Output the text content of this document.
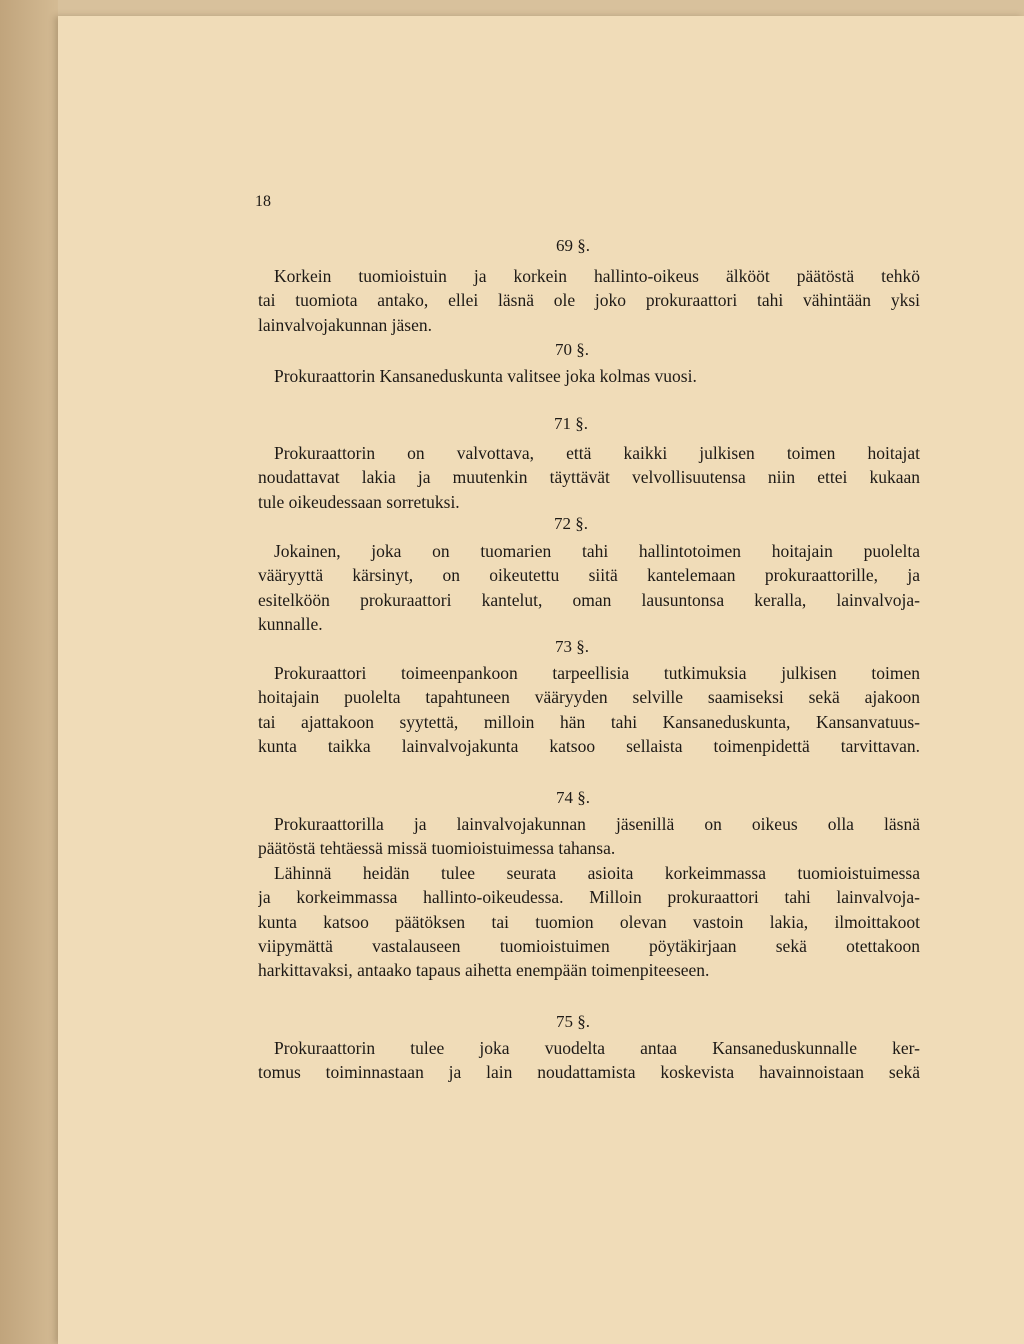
18
Korkein tuomioistuin ja korkein hallinto-oikeus älkööt päätöstä tehkö
tai tuomiota antako, ellei läsnä ole joko prokuraattori tahi vähintään yksi
lainvalvojakunnan jäsen.
Prokuraattorin Kansaneduskunta valitsee joka kolmas vuosi.
Prokuraattorin on valvottava, että kaikki julkisen toimen hoitajat
noudattavat lakia ja muutenkin täyttävät velvollisuutensa niin ettei kukaan
tule oikeudessaan sorretuksi.
Jokainen, joka on tuomarien tahi hallintotoimen hoitajain puolelta
vääryyttä kärsinyt, on oikeutettu siitä kantelemaan prokuraattorille, ja
esitelköön prokuraattori kantelut, oman lausuntonsa keralla, lainvalvoja-
kunnalle.
Prokuraattori toimeenpankoon tarpeellisia tutkimuksia julkisen toimen
hoitajain puolelta tapahtuneen vääryyden selville saamiseksi sekä ajakoon
tai ajattakoon syytettä, milloin hän tahi Kansaneduskunta, Kansanvatuus-
kunta taikka lainvalvojakunta katsoo sellaista toimenpidettä tarvittavan.
Prokuraattorilla ja lainvalvojakunnan jäsenillä on oikeus olla läsnä
päätöstä tehtäessä missä tuomioistuimessa tahansa.
Lähinnä heidän tulee seurata asioita korkeimmassa tuomioistuimessa
ja korkeimmassa hallinto-oikeudessa. Milloin prokuraattori tahi lainvalvoja-
kunta katsoo päätöksen tai tuomion olevan vastoin lakia, ilmoittakoot
viipymättä vastalauseen tuomioistuimen pöytäkirjaan sekä otettakoon
harkittavaksi, antaako tapaus aihetta enempään toimenpiteeseen.
Prokuraattorin tulee joka vuodelta antaa Kansaneduskunnalle ker-
tomus toiminnastaan ja lain noudattamista koskevista havainnoistaan sekä
